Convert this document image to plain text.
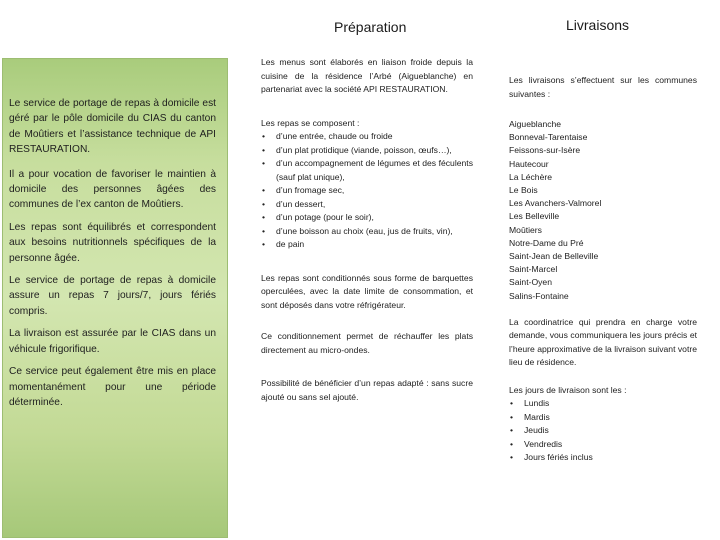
Le service de portage de repas à domicile est géré par le pôle domicile du CIAS du canton de Moûtiers et l’assistance technique de API RESTAURATION.

Il a pour vocation de favoriser le maintien à domicile des personnes âgées des communes de l’ex canton de Moûtiers.

Les repas sont équilibrés et correspondent aux besoins nutritionnels spécifiques de la personne âgée.

Le service de portage de repas à domicile assure un repas 7 jours/7, jours fériés compris.

La livraison est assurée par le CIAS dans un véhicule frigorifique.

Ce service peut également être mis en place momentanément pour une période déterminée.

Préparation	Livraisons

Les menus sont élaborés en liaison froide depuis la cuisine de la résidence l’Arbé (Aigueblanche) en partenariat avec la société API RESTAURATION.

Les repas se composent :

• d’une entrée, chaude ou froide
• d’un plat protidique (viande, poisson, œufs…),
• d’un accompagnement de légumes et des féculents (sauf plat unique),
• d’un fromage sec,
• d’un dessert,
• d’un potage (pour le soir),
• d’une boisson au choix (eau, jus de fruits, vin),
• de pain

Les repas sont conditionnés sous forme de barquettes operculées, avec la date limite de consommation, et sont déposés dans votre réfrigérateur.

Ce conditionnement permet de réchauffer les plats directement au micro-ondes.

Possibilité de bénéficier d’un repas adapté : sans sucre ajouté ou sans sel ajouté.

Les livraisons s’effectuent sur les communes suivantes :

Aigueblanche
Bonneval-Tarentaise
Feissons-sur-Isère
Hautecour
La Léchère
Le Bois
Les Avanchers-Valmorel
Les Belleville
Moûtiers
Notre-Dame du Pré
Saint-Jean de Belleville
Saint-Marcel
Saint-Oyen
Salins-Fontaine

La coordinatrice qui prendra en charge votre demande, vous communiquera les jours précis et l’heure approximative de la livraison suivant votre lieu de résidence.

Les jours de livraison sont les :

• Lundis
• Mardis
• Jeudis
• Vendredis
• Jours fériés inclus
